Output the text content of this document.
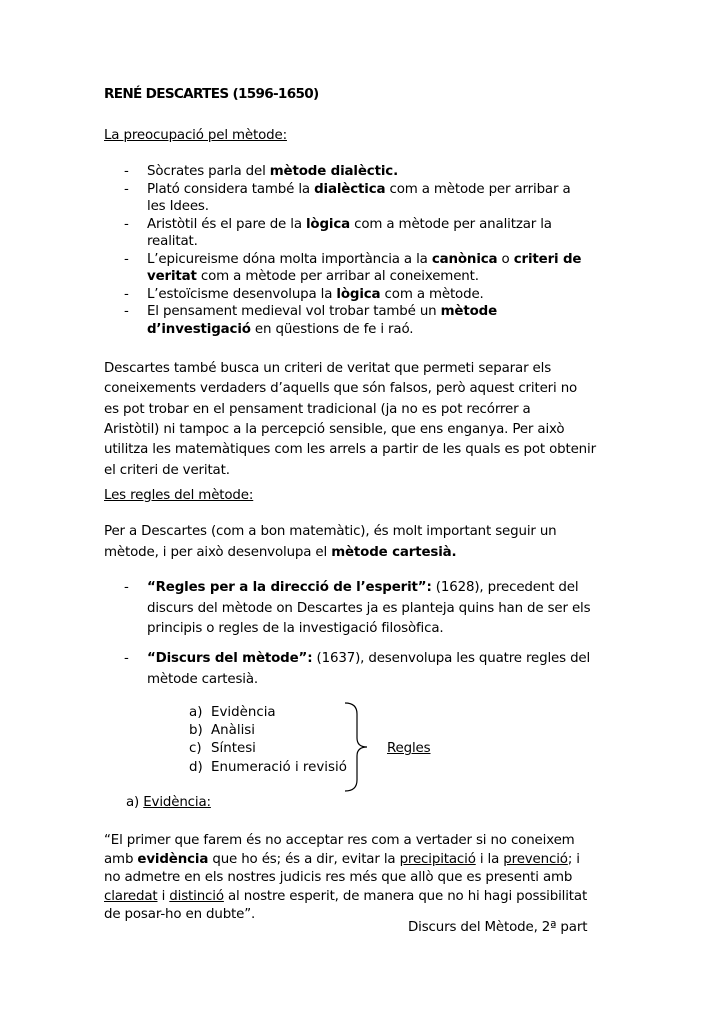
RENÉ DESCARTES (1596-1650)
La preocupació pel mètode:
- Sòcrates parla del mètode dialèctic.
- Plató considera també la dialèctica com a mètode per arribar a
les Idees.
- Aristòtil és el pare de la lògica com a mètode per analitzar la
realitat.
- L’epicureisme dóna molta importància a la canònica o criteri de
veritat com a mètode per arribar al coneixement.
- L’estoïcisme desenvolupa la lògica com a mètode.
- El pensament medieval vol trobar també un mètode
d’investigació en qüestions de fe i raó.
Descartes també busca un criteri de veritat que permeti separar els
coneixements verdaders d’aquells que són falsos, però aquest criteri no
es pot trobar en el pensament tradicional (ja no es pot recórrer a
Aristòtil) ni tampoc a la percepció sensible, que ens enganya. Per això
utilitza les matemàtiques com les arrels a partir de les quals es pot obtenir
el criteri de veritat.
Les regles del mètode:
Per a Descartes (com a bon matemàtic), és molt important seguir un
mètode, i per això desenvolupa el mètode cartesià.
- “Regles per a la direcció de l’esperit”: (1628), precedent del
discurs del mètode on Descartes ja es planteja quins han de ser els
principis o regles de la investigació filosòfica.
- “Discurs del mètode”: (1637), desenvolupa les quatre regles del
mètode cartesià.
a) Evidència
b) Anàlisi
c) Síntesi
d) Enumeració i revisió
Regles
a) Evidència:
“El primer que farem és no acceptar res com a vertader si no coneixem
amb evidència que ho és; és a dir, evitar la precipitació i la prevenció; i
no admetre en els nostres judicis res més que allò que es presenti amb
claredat i distinció al nostre esperit, de manera que no hi hagi possibilitat
de posar-ho en dubte”.
Discurs del Mètode, 2ª part
